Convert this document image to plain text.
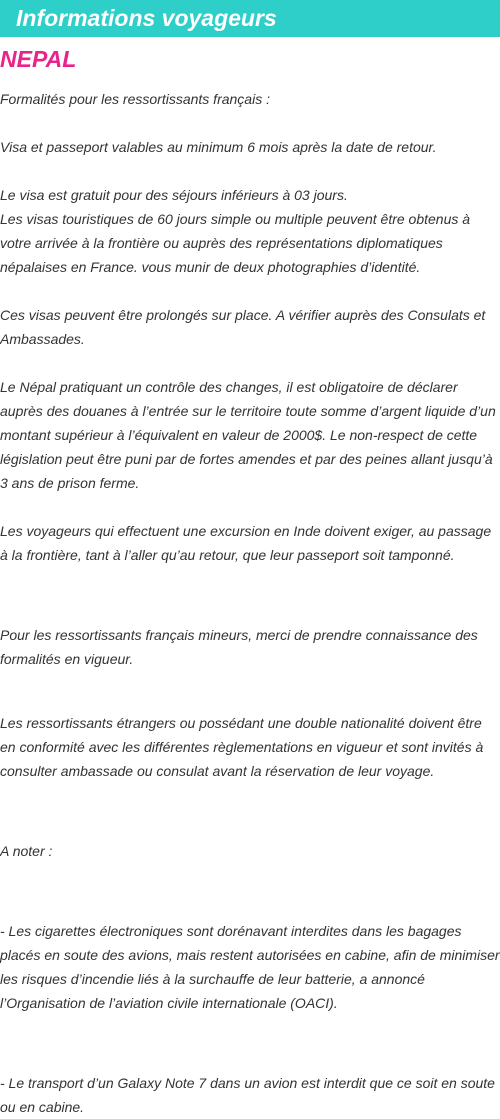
Informations voyageurs
NEPAL

Formalités pour les ressortissants français :

Visa et passeport valables au minimum 6 mois après la date de retour.

Le visa est gratuit pour des séjours inférieurs à 03 jours.

Les visas touristiques de 60 jours simple ou multiple peuvent être obtenus à votre arrivée à la frontière ou auprès des représentations diplomatiques népalaises en France. vous munir de deux photographies d’identité.

Ces visas peuvent être prolongés sur place. A vérifier auprès des Consulats et Ambassades.

Le Népal pratiquant un contrôle des changes, il est obligatoire de déclarer auprès des douanes à l’entrée sur le territoire toute somme d’argent liquide d’un montant supérieur à l’équivalent en valeur de 2000$. Le non-respect de cette législation peut être puni par de fortes amendes et par des peines allant jusqu’à 3 ans de prison ferme.

Les voyageurs qui effectuent une excursion en Inde doivent exiger, au passage à la frontière, tant à l’aller qu’au retour, que leur passeport soit tamponné.

Pour les ressortissants français mineurs, merci de prendre connaissance des formalités en vigueur.

Les ressortissants étrangers ou possédant une double nationalité doivent être en conformité avec les différentes règlementations en vigueur et sont invités à consulter ambassade ou consulat avant la réservation de leur voyage.

A noter :

- Les cigarettes électroniques sont dorénavant interdites dans les bagages placés en soute des avions, mais restent autorisées en cabine, afin de minimiser les risques d’incendie liés à la surchauffe de leur batterie, a annoncé l’Organisation de l’aviation civile internationale (OACI).

- Le transport d’un Galaxy Note 7 dans un avion est interdit que ce soit en soute ou en cabine.
